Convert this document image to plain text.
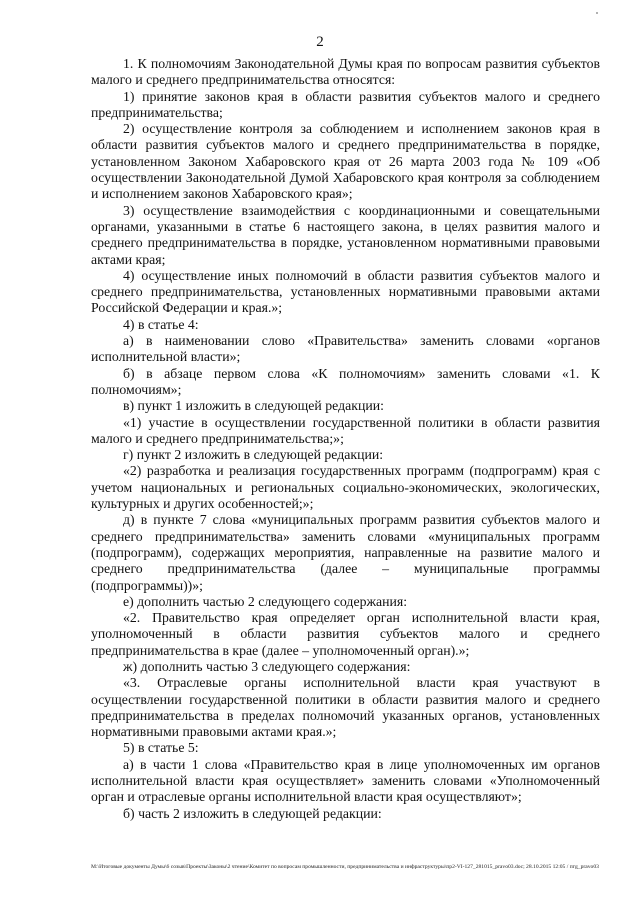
2

1. К полномочиям Законодательной Думы края по вопросам развития субъектов малого и среднего предпринимательства относятся:

1) принятие законов края в области развития субъектов малого и среднего предпринимательства;

2) осуществление контроля за соблюдением и исполнением законов края в области развития субъектов малого и среднего предпринимательства в порядке, установленном Законом Хабаровского края от 26 марта 2003 года № 109 «Об осуществлении Законодательной Думой Хабаровского края контроля за соблюдением и исполнением законов Хабаровского края»;

3) осуществление взаимодействия с координационными и совещательными органами, указанными в статье 6 настоящего закона, в целях развития малого и среднего предпринимательства в порядке, установленном нормативными правовыми актами края;

4) осуществление иных полномочий в области развития субъектов малого и среднего предпринимательства, установленных нормативными правовыми актами Российской Федерации и края.»;

4) в статье 4:

а) в наименовании слово «Правительства» заменить словами «органов исполнительной власти»;

б) в абзаце первом слова «К полномочиям» заменить словами «1. К полномочиям»;

в) пункт 1 изложить в следующей редакции:

«1) участие в осуществлении государственной политики в области развития малого и среднего предпринимательства;»;

г) пункт 2 изложить в следующей редакции:

«2) разработка и реализация государственных программ (подпрограмм) края с учетом национальных и региональных социально-экономических, экологических, культурных и других особенностей;»;

д) в пункте 7 слова «муниципальных программ развития субъектов малого и среднего предпринимательства» заменить словами «муниципальных программ (подпрограмм), содержащих мероприятия, направленные на развитие малого и среднего предпринимательства (далее – муниципальные программы (подпрограммы))»;

е) дополнить частью 2 следующего содержания:

«2. Правительство края определяет орган исполнительной власти края, уполномоченный в области развития субъектов малого и среднего предпринимательства в крае (далее – уполномоченный орган).»;

ж) дополнить частью 3 следующего содержания:

«3. Отраслевые органы исполнительной власти края участвуют в осуществлении государственной политики в области развития малого и среднего предпринимательства в пределах полномочий указанных органов, установленных нормативными правовыми актами края.»;

5) в статье 5:

а) в части 1 слова «Правительство края в лице уполномоченных им органов исполнительной власти края осуществляет» заменить словами «Уполномоченный орган и отраслевые органы исполнительной власти края осуществляют»;

б) часть 2 изложить в следующей редакции:

M:\Итоговые документы Думы\6 созыв\Проекты\Законы\2 чтение\Комитет по вопросам промышленности, предпринимательства и инфраструктуры\пр2-VI-127_281015_pravo03.doc; 28.10.2015 12:05 / пгg_pravo03
